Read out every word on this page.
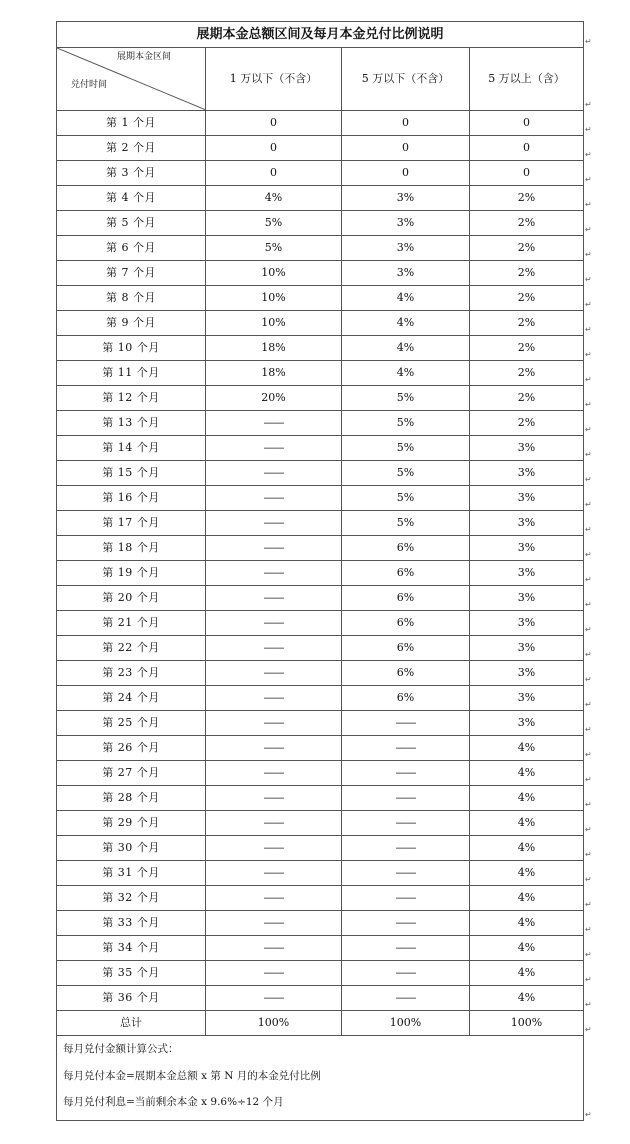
展期本金总额区间及每月本金兑付比例说明			

展期本金区间
兑付时间	1 万以下（不含）	5 万以下（不含）	5 万以上（含）
第 1 个月	0	0	0
第 2 个月	0	0	0
第 3 个月	0	0	0
第 4 个月	4%	3%	2%
第 5 个月	5%	3%	2%
第 6 个月	5%	3%	2%
第 7 个月	10%	3%	2%
第 8 个月	10%	4%	2%
第 9 个月	10%	4%	2%
第 10 个月	18%	4%	2%
第 11 个月	18%	4%	2%
第 12 个月	20%	5%	2%
第 13 个月	——	5%	2%
第 14 个月	——	5%	3%
第 15 个月	——	5%	3%
第 16 个月	——	5%	3%
第 17 个月	——	5%	3%
第 18 个月	——	6%	3%
第 19 个月	——	6%	3%
第 20 个月	——	6%	3%
第 21 个月	——	6%	3%
第 22 个月	——	6%	3%
第 23 个月	——	6%	3%
第 24 个月	——	6%	3%
第 25 个月	——	——	3%
第 26 个月	——	——	4%
第 27 个月	——	——	4%
第 28 个月	——	——	4%
第 29 个月	——	——	4%
第 30 个月	——	——	4%
第 31 个月	——	——	4%
第 32 个月	——	——	4%
第 33 个月	——	——	4%
第 34 个月	——	——	4%
第 35 个月	——	——	4%
第 36 个月	——	——	4%
总计	100%	100%	100%

每月兑付金额计算公式：
每月兑付本金=展期本金总额 x 第 N 月的本金兑付比例
每月兑付利息=当前剩余本金 x 9.6%÷12 个月			
↵
↵
↵
↵
↵
↵
↵
↵
↵
↵
↵
↵
↵
↵
↵
↵
↵
↵
↵
↵
↵
↵
↵
↵
↵
↵
↵
↵
↵
↵
↵
↵
↵
↵
↵
↵
↵
↵
↵
↵
